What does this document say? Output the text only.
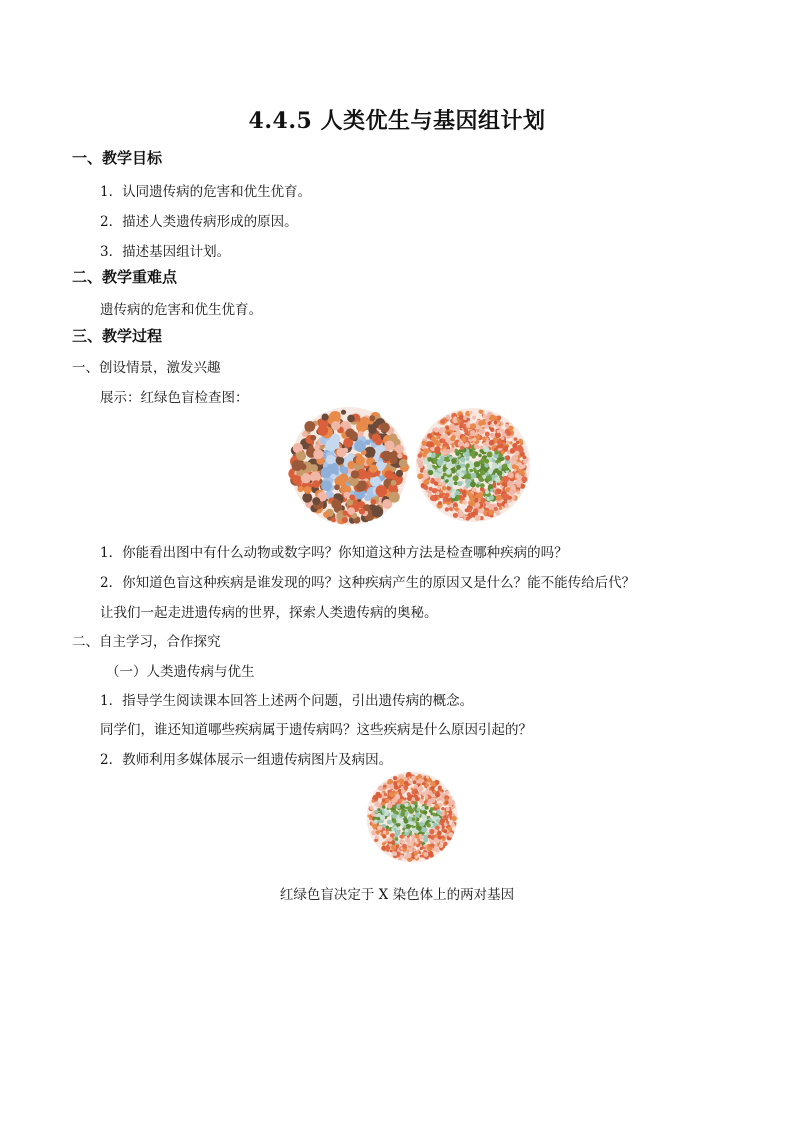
4.4.5 人类优生与基因组计划
一、教学目标
1．认同遗传病的危害和优生优育。
2．描述人类遗传病形成的原因。
3．描述基因组计划。
二、教学重难点
遗传病的危害和优生优育。
三、教学过程
一、创设情景，激发兴趣
展示：红绿色盲检查图：
1．你能看出图中有什么动物或数字吗？你知道这种方法是检查哪种疾病的吗？
2．你知道色盲这种疾病是谁发现的吗？这种疾病产生的原因又是什么？能不能传给后代？
让我们一起走进遗传病的世界，探索人类遗传病的奥秘。
二、自主学习，合作探究
（一）人类遗传病与优生
1．指导学生阅读课本回答上述两个问题，引出遗传病的概念。
同学们，谁还知道哪些疾病属于遗传病吗？这些疾病是什么原因引起的？
2．教师利用多媒体展示一组遗传病图片及病因。
红绿色盲决定于 X 染色体上的两对基因
